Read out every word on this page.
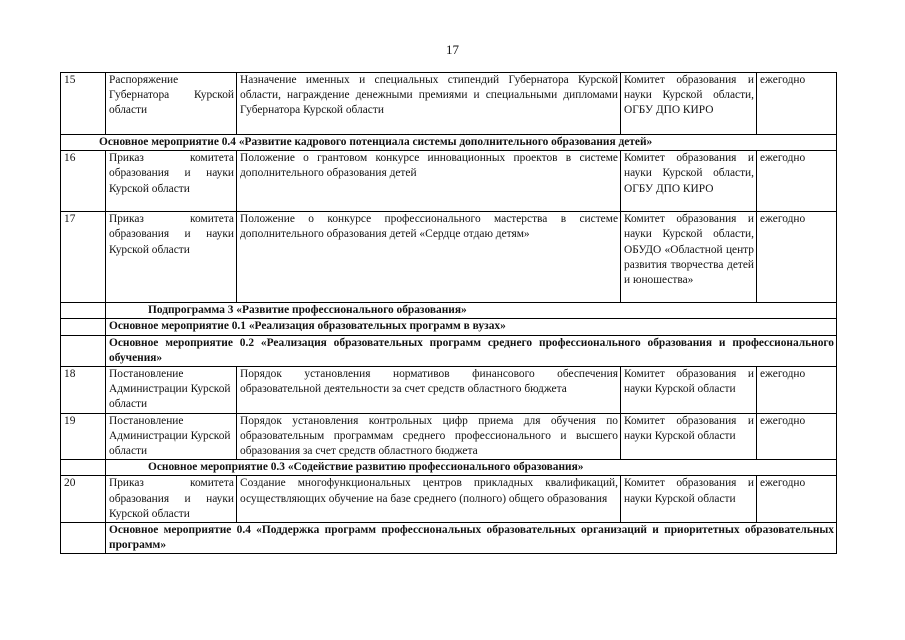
17
15	Распоряжение Губернатора Курской области	Назначение именных и специальных стипендий Губернатора Курской области, награждение денежными премиями и специальными дипломами Губернатора Курской области	Комитет образования и науки Курской области, ОГБУ ДПО КИРО	ежегодно
Основное мероприятие 0.4 «Развитие кадрового потенциала системы дополнительного образования детей»				
16	Приказ комитета образования и науки Курской области	Положение о грантовом конкурсе инновационных проектов в системе дополнительного образования детей	Комитет образования и науки Курской области, ОГБУ ДПО КИРО	ежегодно
17	Приказ комитета образования и науки Курской области	Положение о конкурсе профессионального мастерства в системе дополнительного образования детей «Сердце отдаю детям»	Комитет образования и науки Курской области, ОБУДО «Областной центр развития творчества детей и юношества»	ежегодно
	Подпрограмма 3 «Развитие профессионального образования»			
	Основное мероприятие 0.1 «Реализация образовательных программ в вузах»			
	Основное мероприятие 0.2 «Реализация образовательных программ среднего профессионального образования и профессионального обучения»			
18	Постановление Администрации Курской области	Порядок установления нормативов финансового обеспечения образовательной деятельности за счет средств областного бюджета	Комитет образования и науки Курской области	ежегодно
19	Постановление Администрации Курской области	Порядок установления контрольных цифр приема для обучения по образовательным программам среднего профессионального и высшего образования за счет средств областного бюджета	Комитет образования и науки Курской области	ежегодно
	Основное мероприятие 0.3 «Содействие развитию профессионального образования»			
20	Приказ комитета образования и науки Курской области	Создание многофункциональных центров прикладных квалификаций, осуществляющих обучение на базе среднего (полного) общего образования	Комитет образования и науки Курской области	ежегодно
	Основное мероприятие 0.4 «Поддержка программ профессиональных образовательных организаций и приоритетных образовательных программ»			
